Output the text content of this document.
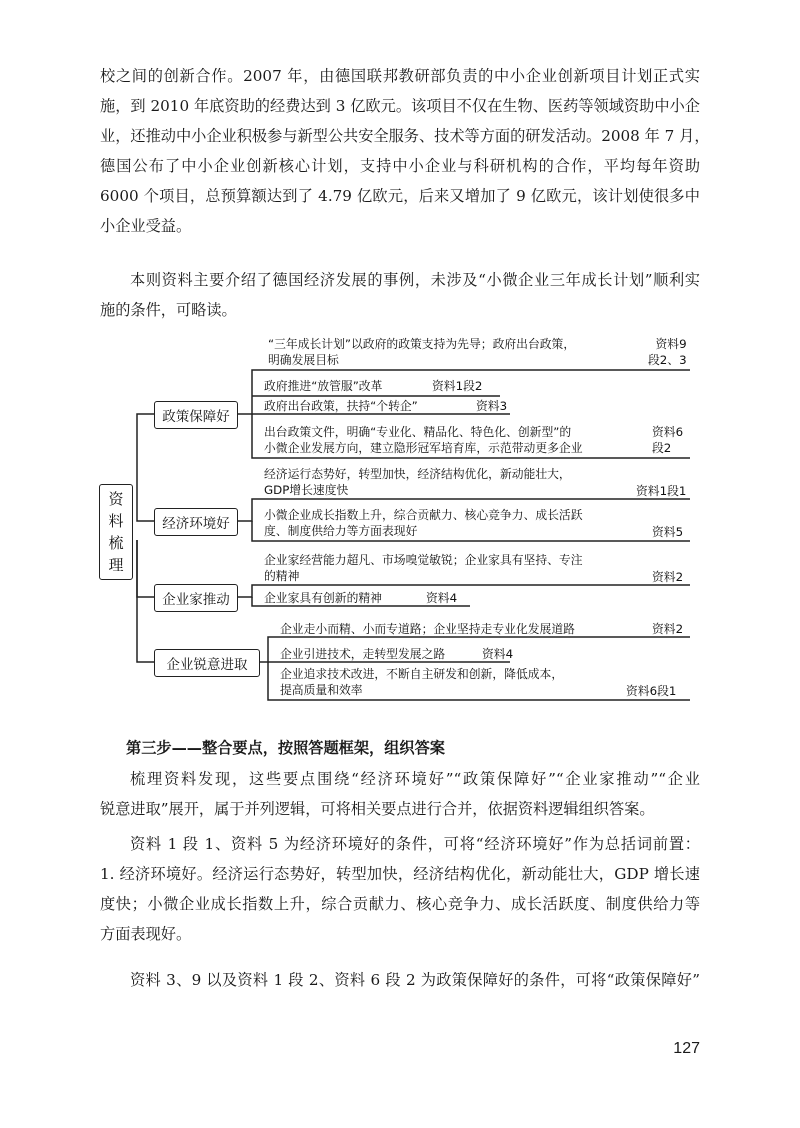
校之间的创新合作。2007 年，由德国联邦教研部负责的中小企业创新项目计划正式实
施，到 2010 年底资助的经费达到 3 亿欧元。该项目不仅在生物、医药等领域资助中小企
业，还推动中小企业积极参与新型公共安全服务、技术等方面的研发活动。2008 年 7 月，
德国公布了中小企业创新核心计划，支持中小企业与科研机构的合作，平均每年资助
6000 个项目，总预算额达到了 4.79 亿欧元，后来又增加了 9 亿欧元，该计划使很多中
小企业受益。
本则资料主要介绍了德国经济发展的事例，未涉及“小微企业三年成长计划”顺利实
施的条件，可略读。
资
料
梳
理
政策保障好
经济环境好
企业家推动
企业锐意进取
“三年成长计划”以政府的政策支持为先导；政府出台政策，
明确发展目标
资料9
段2、3
政府推进“放管服”改革	资料1段2
政府出台政策，扶持“个转企”	资料3
出台政策文件，明确“专业化、精品化、特色化、创新型”的
小微企业发展方向，建立隐形冠军培育库，示范带动更多企业
资料6
段2
经济运行态势好，转型加快，经济结构优化，新动能壮大，
GDP增长速度快	资料1段1
小微企业成长指数上升，综合贡献力、核心竞争力、成长活跃
度、制度供给力等方面表现好	资料5
企业家经营能力超凡、市场嗅觉敏锐；企业家具有坚持、专注
的精神	资料2
企业家具有创新的精神	资料4
企业走小而精、小而专道路；企业坚持走专业化发展道路	资料2
企业引进技术，走转型发展之路	资料4
企业追求技术改进，不断自主研发和创新，降低成本，
提高质量和效率	资料6段1
第三步——整合要点，按照答题框架，组织答案
梳理资料发现，这些要点围绕“经济环境好”“政策保障好”“企业家推动”“企业
锐意进取”展开，属于并列逻辑，可将相关要点进行合并，依据资料逻辑组织答案。
资料 1 段 1、资料 5 为经济环境好的条件，可将“经济环境好”作为总括词前置：
1. 经济环境好。经济运行态势好，转型加快，经济结构优化，新动能壮大，GDP 增长速
度快；小微企业成长指数上升，综合贡献力、核心竞争力、成长活跃度、制度供给力等
方面表现好。
资料 3、9 以及资料 1 段 2、资料 6 段 2 为政策保障好的条件，可将“政策保障好”
127
